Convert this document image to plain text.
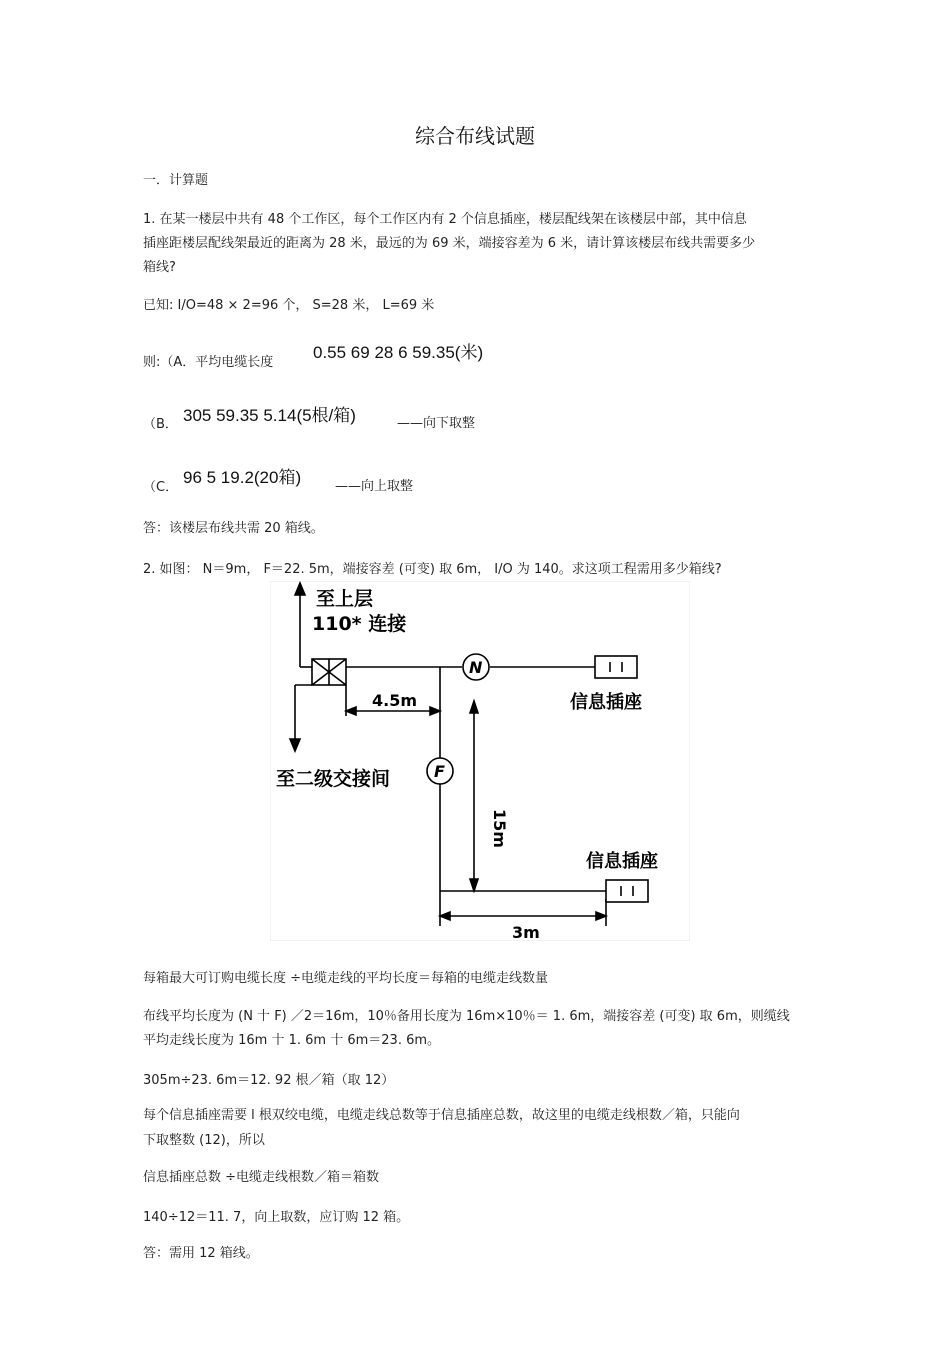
综合布线试题
一．计算题
1. 在某一楼层中共有 48 个工作区，每个工作区内有 2 个信息插座，楼层配线架在该楼层中部，其中信息
插座距楼层配线架最近的距离为 28 米，最远的为 69 米，端接容差为 6 米，请计算该楼层布线共需要多少
箱线?
已知: I/O=48 × 2=96 个， S=28 米， L=69 米
则:（A．平均电缆长度
0.55 69 28 6 59.35(米)
（B． 305 59.35 5.14(5根/箱)	——向下取整
（C．
96 5 19.2(20箱)	——向上取整
答：该楼层布线共需 20 箱线。
2. 如图： N＝9m， F＝22. 5m，端接容差 (可变) 取 6m， I/O 为 140。求这项工程需用多少箱线?
至上层
110* 连接
4.5m
N
F
信息插座
至二级交接间
15m
信息插座
3m
每箱最大可订购电缆长度 ÷电缆走线的平均长度＝每箱的电缆走线数量
布线平均长度为 (N 十 F) ／2＝16m，10％备用长度为 16m×10％＝ 1. 6m，端接容差 (可变) 取 6m，则缆线
平均走线长度为 16m 十 1. 6m 十 6m＝23. 6m。
305m÷23. 6m＝12. 92 根／箱（取 12）
每个信息插座需要 l 根双绞电缆，电缆走线总数等于信息插座总数，故这里的电缆走线根数／箱，只能向
下取整数 (12)，所以
信息插座总数 ÷电缆走线根数／箱＝箱数
140÷12＝11. 7，向上取数，应订购 12 箱。
答：需用 12 箱线。
